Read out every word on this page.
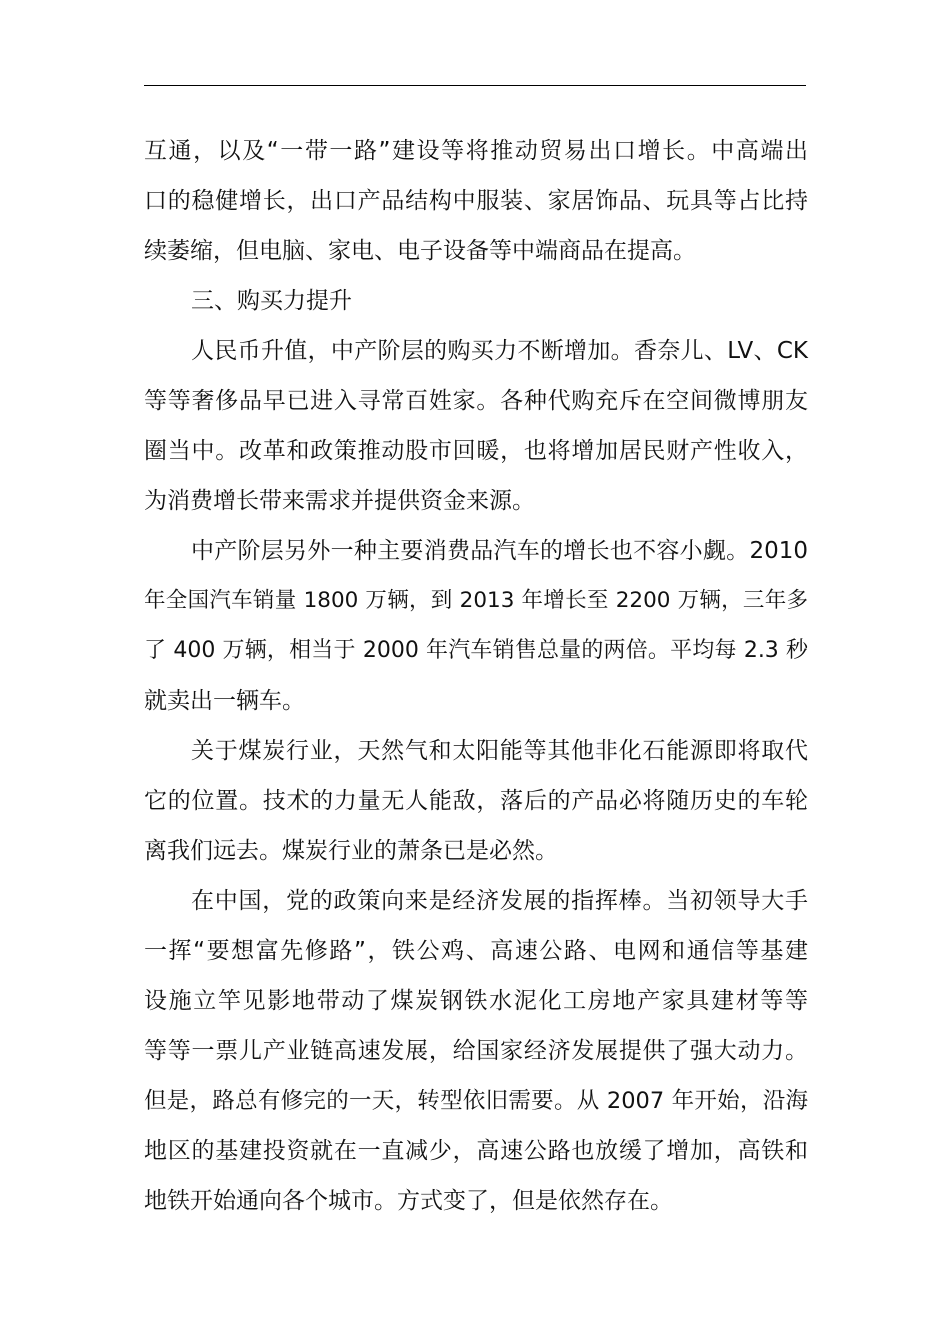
互通，以及“一带一路”建设等将推动贸易出口增长。中高端出
口的稳健增长，出口产品结构中服装、家居饰品、玩具等占比持
续萎缩，但电脑、家电、电子设备等中端商品在提高。
三、购买力提升
人民币升值，中产阶层的购买力不断增加。香奈儿、LV、CK
等等奢侈品早已进入寻常百姓家。各种代购充斥在空间微博朋友
圈当中。改革和政策推动股市回暖，也将增加居民财产性收入，
为消费增长带来需求并提供资金来源。
中产阶层另外一种主要消费品汽车的增长也不容小觑。2010
年全国汽车销量 1800 万辆，到 2013 年增长至 2200 万辆，三年多
了 400 万辆，相当于 2000 年汽车销售总量的两倍。平均每 2.3 秒
就卖出一辆车。
关于煤炭行业，天然气和太阳能等其他非化石能源即将取代
它的位置。技术的力量无人能敌，落后的产品必将随历史的车轮
离我们远去。煤炭行业的萧条已是必然。
在中国，党的政策向来是经济发展的指挥棒。当初领导大手
一挥“要想富先修路”，铁公鸡、高速公路、电网和通信等基建
设施立竿见影地带动了煤炭钢铁水泥化工房地产家具建材等等
等等一票儿产业链高速发展，给国家经济发展提供了强大动力。
但是，路总有修完的一天，转型依旧需要。从 2007 年开始，沿海
地区的基建投资就在一直减少，高速公路也放缓了增加，高铁和
地铁开始通向各个城市。方式变了，但是依然存在。
